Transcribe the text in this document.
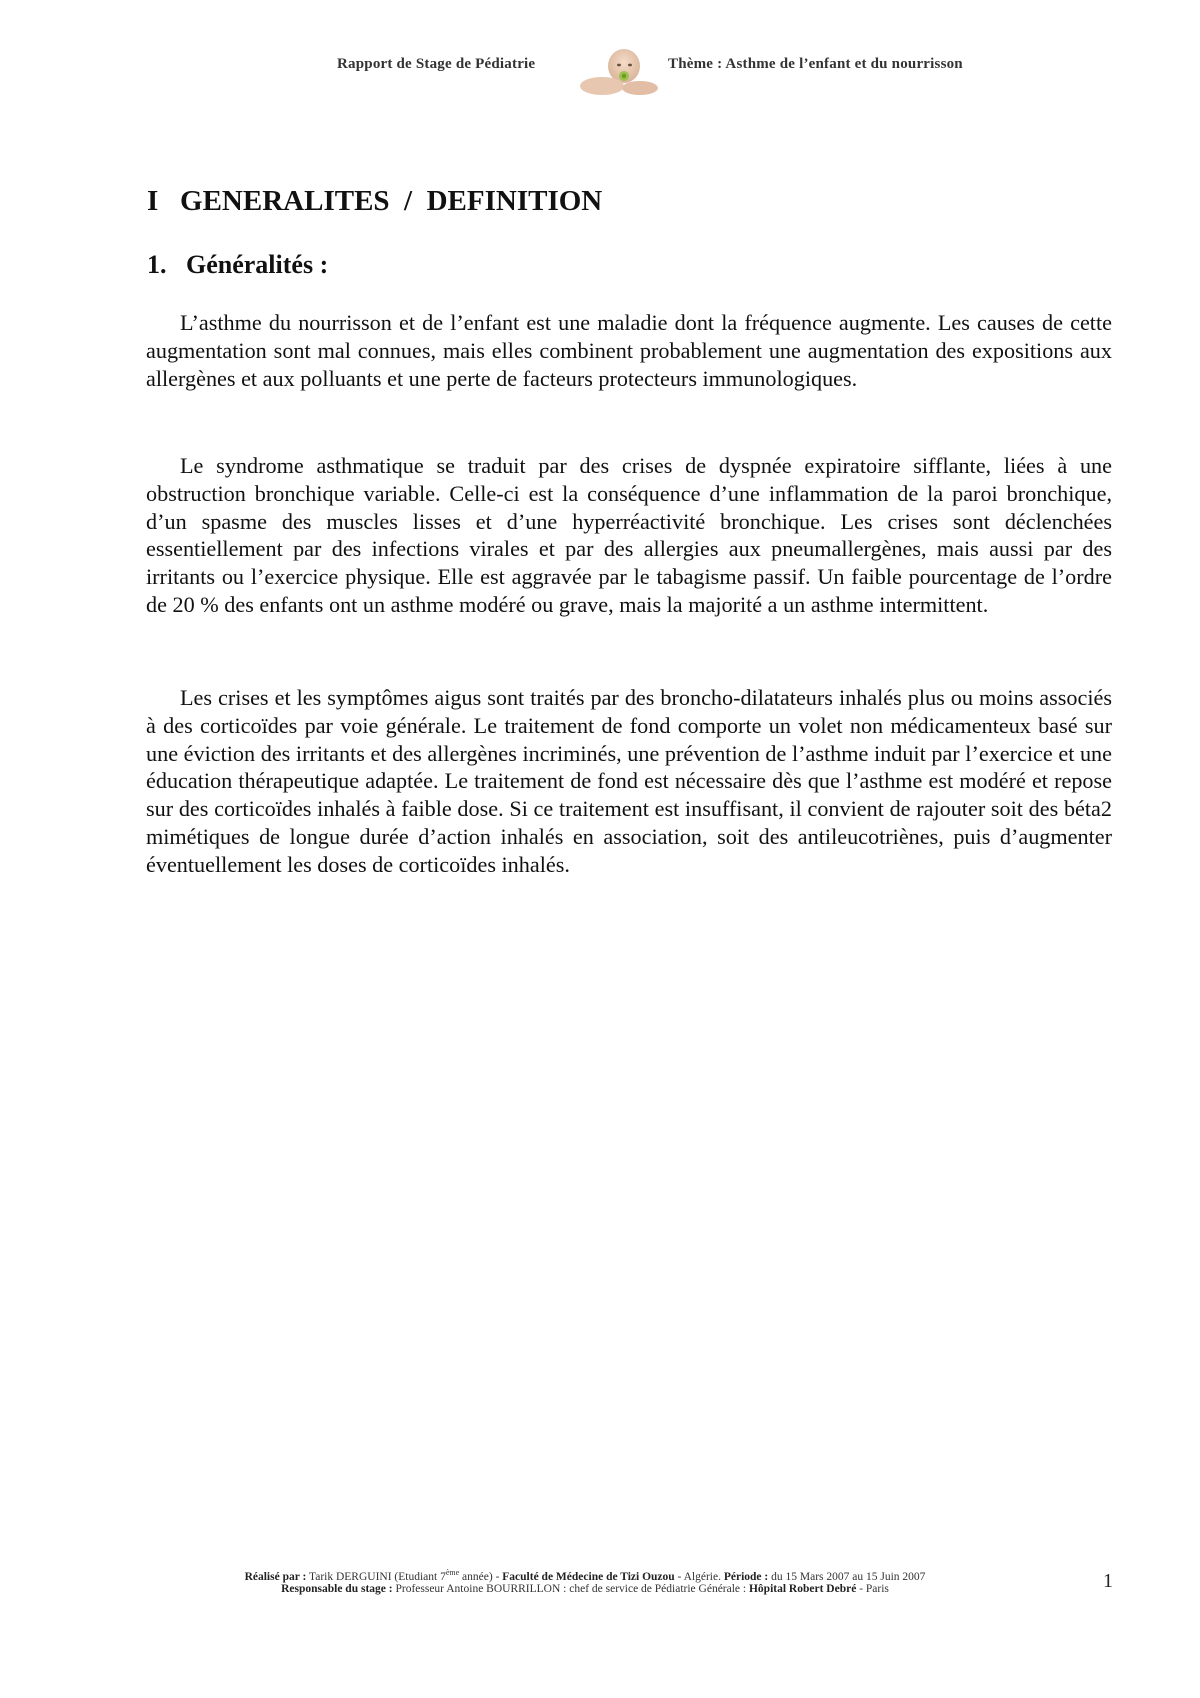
Rapport de Stage de Pédiatrie	Thème : Asthme de l’enfant et du nourrisson
I   GENERALITES  /  DEFINITION
1.   Généralités :

L’asthme du nourrisson et de l’enfant est une maladie dont la fréquence augmente. Les causes de cette augmentation sont mal connues, mais elles combinent probablement une augmentation des expositions aux allergènes et aux polluants et une perte de facteurs protecteurs immunologiques.

Le syndrome asthmatique se traduit par des crises de dyspnée expiratoire sifflante, liées à une obstruction bronchique variable. Celle-ci est la conséquence d’une inflammation de la paroi bronchique, d’un spasme des muscles lisses et d’une hyperréactivité bronchique. Les crises sont déclenchées essentiellement par des infections virales et par des allergies aux pneumallergènes, mais aussi par des irritants ou l’exercice physique. Elle est aggravée par le tabagisme passif. Un faible pourcentage de l’ordre de 20 % des enfants ont un asthme modéré ou grave, mais la majorité a un asthme intermittent.

Les crises et les symptômes aigus sont traités par des broncho-dilatateurs inhalés plus ou moins associés à des corticoïdes par voie générale. Le traitement de fond comporte un volet non médicamenteux basé sur une éviction des irritants et des allergènes incriminés, une prévention de l’asthme induit par l’exercice et une éducation thérapeutique adaptée. Le traitement de fond est nécessaire dès que l’asthme est modéré et repose sur des corticoïdes inhalés à faible dose. Si ce traitement est insuffisant, il convient de rajouter soit des béta2 mimétiques de longue durée d’action inhalés en association, soit des antileucotriènes, puis d’augmenter éventuellement les doses de corticoïdes inhalés.

Réalisé par : Tarik DERGUINI (Etudiant 7ème année) - Faculté de Médecine de Tizi Ouzou - Algérie. Période : du 15 Mars 2007 au 15 Juin 2007
Responsable du stage : Professeur Antoine BOURRILLON : chef de service de Pédiatrie Générale : Hôpital Robert Debré - Paris	1
